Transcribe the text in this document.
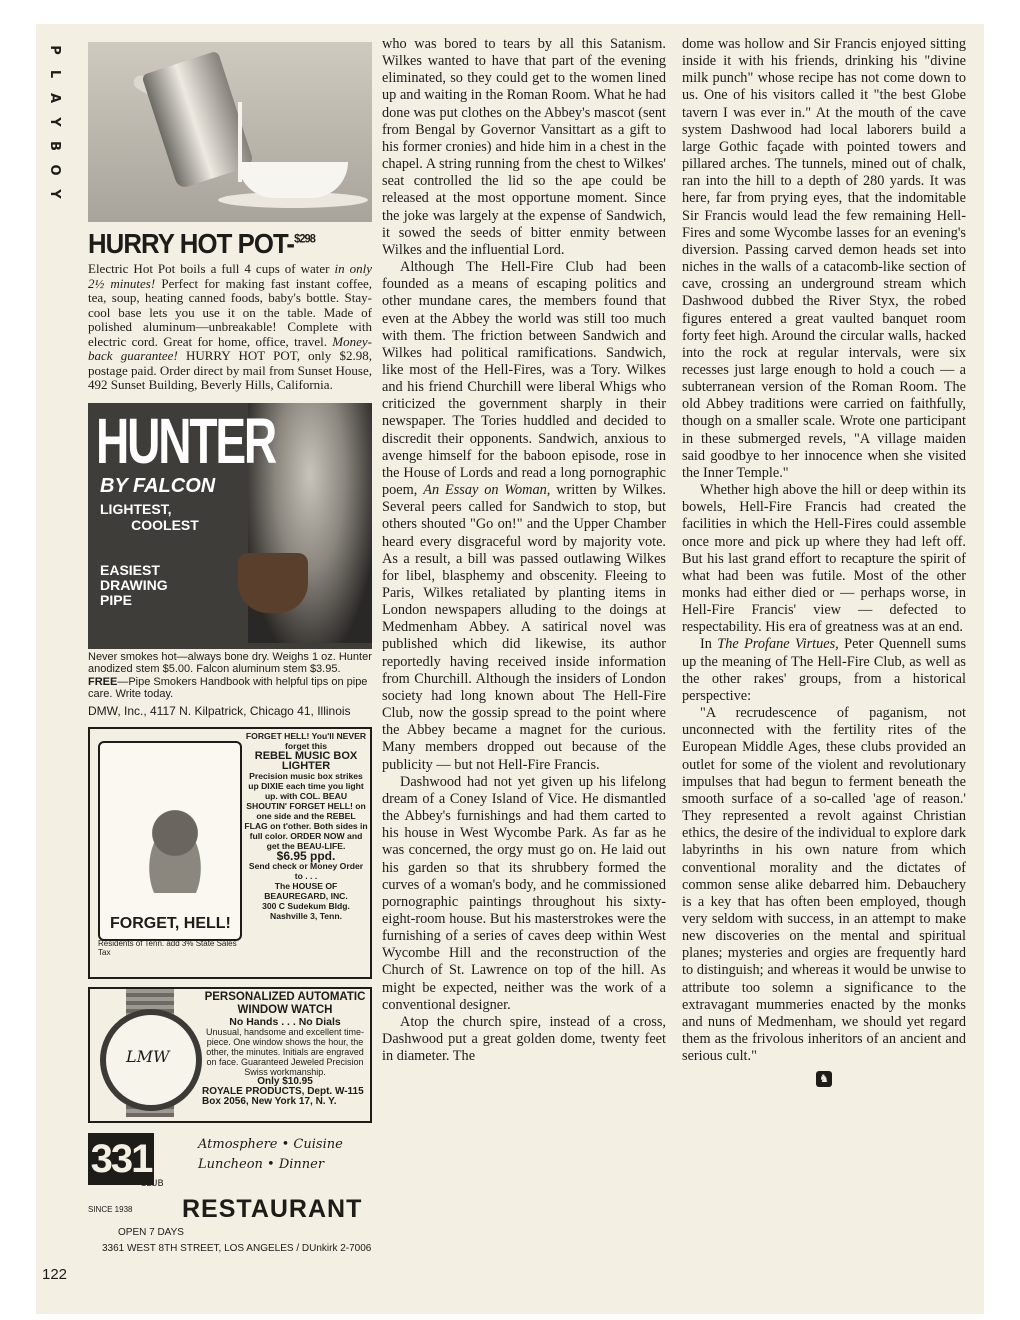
P
L
A
Y
B
O
Y
122
HURRY HOT POT-$^{\$298}$
Electric Hot Pot boils a full 4 cups of water in only 2½ minutes! Perfect for making fast instant coffee, tea, soup, heating canned foods, baby's bottle. Stay-cool base lets you use it on the table. Made of polished aluminum—unbreakable! Complete with electric cord. Great for home, office, travel. Money-back guarantee! HURRY HOT POT, only $2.98, postage paid. Order direct by mail from Sunset House, 492 Sunset Building, Beverly Hills, California.
HUNTER
BY FALCON
LIGHTEST,
COOLEST
EASIEST
DRAWING
PIPE
Never smokes hot—always bone dry. Weighs 1 oz. Hunter anodized stem $5.00. Falcon aluminum stem $3.95.
FREE—Pipe Smokers Handbook with helpful tips on pipe care. Write today.
DMW, Inc., 4117 N. Kilpatrick, Chicago 41, Illinois
FORGET, HELL!
FORGET HELL! You'll NEVER forget this
REBEL MUSIC BOX LIGHTER
Precision music box strikes up DIXIE each time you light up. with COL. BEAU SHOUTIN' FORGET HELL! on one side and the REBEL FLAG on t'other. Both sides in full color. ORDER NOW and get the BEAU-LIFE.
$6.95 ppd.
Send check or Money Order to . . .
The HOUSE OF BEAUREGARD, INC.
300 C Sudekum Bldg. Nashville 3, Tenn.
Residents of Tenn. add 3% State Sales Tax
LMW
PERSONALIZED AUTOMATIC WINDOW WATCH
No Hands . . . No Dials
Unusual, handsome and excellent time-piece. One window shows the hour, the other, the minutes. Initials are engraved on face. Guaranteed Jeweled Precision Swiss workmanship.
Only $10.95
ROYALE PRODUCTS, Dept. W-115
Box 2056, New York 17, N. Y.
331
CLUB
SINCE 1938
Atmosphere • Cuisine
Luncheon • Dinner
RESTAURANT
OPEN 7 DAYS
3361 WEST 8TH STREET, LOS ANGELES / DUnkirk 2-7006

who was bored to tears by all this Satanism. Wilkes wanted to have that part of the evening eliminated, so they could get to the women lined up and waiting in the Roman Room. What he had done was put clothes on the Abbey's mascot (sent from Bengal by Governor Vansittart as a gift to his former cronies) and hide him in a chest in the chapel. A string running from the chest to Wilkes' seat controlled the lid so the ape could be released at the most opportune moment. Since the joke was largely at the expense of Sandwich, it sowed the seeds of bitter enmity between Wilkes and the influential Lord.

Although The Hell-Fire Club had been founded as a means of escaping politics and other mundane cares, the members found that even at the Abbey the world was still too much with them. The friction between Sandwich and Wilkes had political ramifications. Sandwich, like most of the Hell-Fires, was a Tory. Wilkes and his friend Churchill were liberal Whigs who criticized the government sharply in their newspaper. The Tories huddled and decided to discredit their opponents. Sandwich, anxious to avenge himself for the baboon episode, rose in the House of Lords and read a long pornographic poem, An Essay on Woman, written by Wilkes. Several peers called for Sandwich to stop, but others shouted "Go on!" and the Upper Chamber heard every disgraceful word by majority vote. As a result, a bill was passed outlawing Wilkes for libel, blasphemy and obscenity. Fleeing to Paris, Wilkes retaliated by planting items in London newspapers alluding to the doings at Medmenham Abbey. A satirical novel was published which did likewise, its author reportedly having received inside information from Churchill. Although the insiders of London society had long known about The Hell-Fire Club, now the gossip spread to the point where the Abbey became a magnet for the curious. Many members dropped out because of the publicity — but not Hell-Fire Francis.

Dashwood had not yet given up his lifelong dream of a Coney Island of Vice. He dismantled the Abbey's furnishings and had them carted to his house in West Wycombe Park. As far as he was concerned, the orgy must go on. He laid out his garden so that its shrubbery formed the curves of a woman's body, and he commissioned pornographic paintings throughout his sixty-eight-room house. But his masterstrokes were the furnishing of a series of caves deep within West Wycombe Hill and the reconstruction of the Church of St. Lawrence on top of the hill. As might be expected, neither was the work of a conventional designer.

Atop the church spire, instead of a cross, Dashwood put a great golden dome, twenty feet in diameter. The

dome was hollow and Sir Francis enjoyed sitting inside it with his friends, drinking his "divine milk punch" whose recipe has not come down to us. One of his visitors called it "the best Globe tavern I was ever in." At the mouth of the cave system Dashwood had local laborers build a large Gothic façade with pointed towers and pillared arches. The tunnels, mined out of chalk, ran into the hill to a depth of 280 yards. It was here, far from prying eyes, that the indomitable Sir Francis would lead the few remaining Hell-Fires and some Wycombe lasses for an evening's diversion. Passing carved demon heads set into niches in the walls of a catacomb-like section of cave, crossing an underground stream which Dashwood dubbed the River Styx, the robed figures entered a great vaulted banquet room forty feet high. Around the circular walls, hacked into the rock at regular intervals, were six recesses just large enough to hold a couch — a subterranean version of the Roman Room. The old Abbey traditions were carried on faithfully, though on a smaller scale. Wrote one participant in these submerged revels, "A village maiden said goodbye to her innocence when she visited the Inner Temple."

Whether high above the hill or deep within its bowels, Hell-Fire Francis had created the facilities in which the Hell-Fires could assemble once more and pick up where they had left off. But his last grand effort to recapture the spirit of what had been was futile. Most of the other monks had either died or — perhaps worse, in Hell-Fire Francis' view — defected to respectability. His era of greatness was at an end.

In The Profane Virtues, Peter Quennell sums up the meaning of The Hell-Fire Club, as well as the other rakes' groups, from a historical perspective:

"A recrudescence of paganism, not unconnected with the fertility rites of the European Middle Ages, these clubs provided an outlet for some of the violent and revolutionary impulses that had begun to ferment beneath the smooth surface of a so-called 'age of reason.' They represented a revolt against Christian ethics, the desire of the individual to explore dark labyrinths in his own nature from which conventional morality and the dictates of common sense alike debarred him. Debauchery is a key that has often been employed, though very seldom with success, in an attempt to make new discoveries on the mental and spiritual planes; mysteries and orgies are frequently hard to distinguish; and whereas it would be unwise to attribute too solemn a significance to the extravagant mummeries enacted by the monks and nuns of Medmenham, we should yet regard them as the frivolous inheritors of an ancient and serious cult."

♞
